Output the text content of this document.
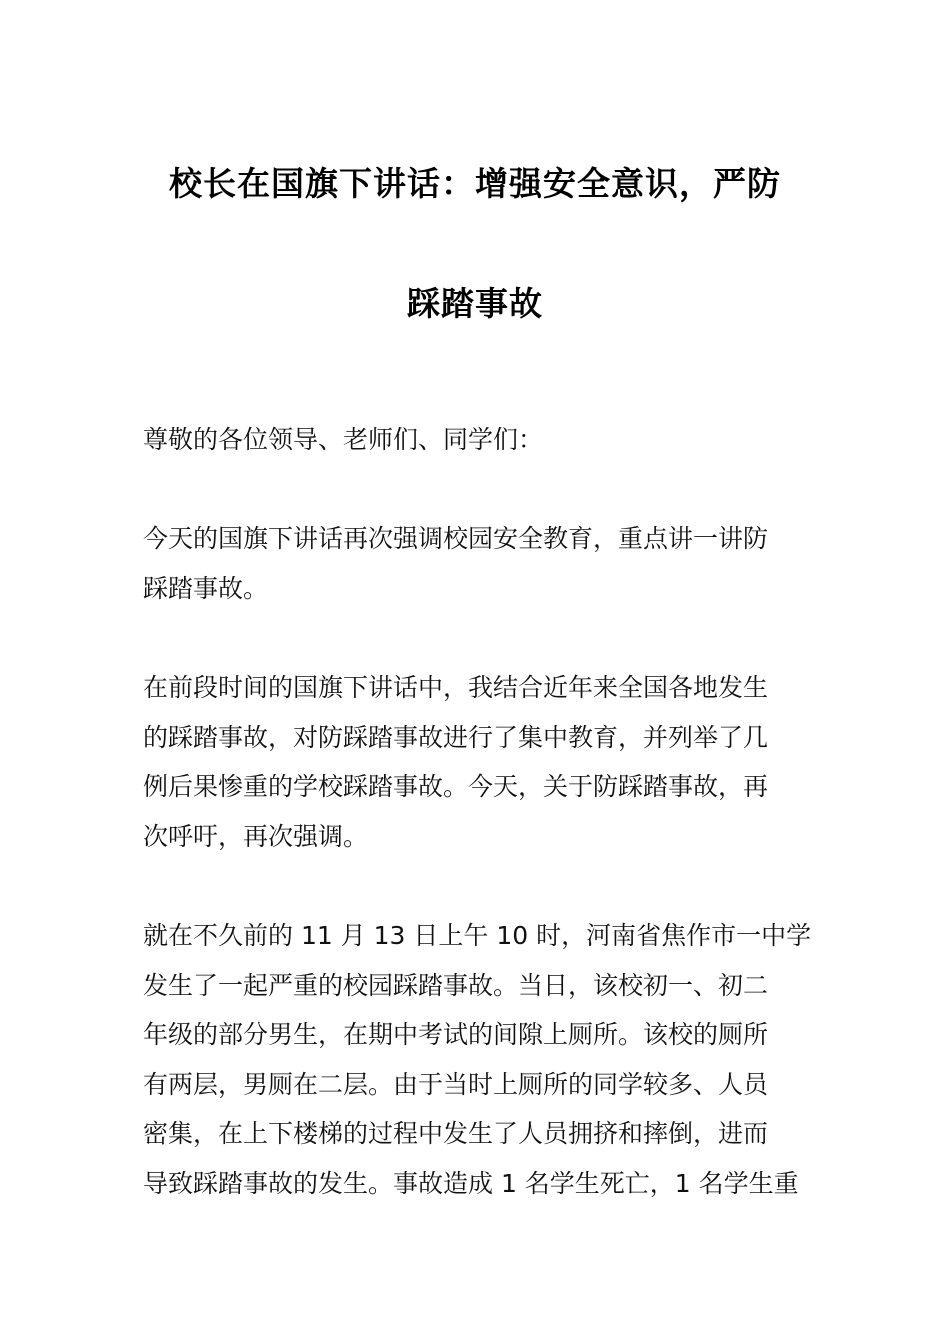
校长在国旗下讲话：增强安全意识，严防
踩踏事故
尊敬的各位领导、老师们、同学们：
今天的国旗下讲话再次强调校园安全教育，重点讲一讲防
踩踏事故。
在前段时间的国旗下讲话中，我结合近年来全国各地发生
的踩踏事故，对防踩踏事故进行了集中教育，并列举了几
例后果惨重的学校踩踏事故。今天，关于防踩踏事故，再
次呼吁，再次强调。
就在不久前的 11 月 13 日上午 10 时，河南省焦作市一中学
发生了一起严重的校园踩踏事故。当日，该校初一、初二
年级的部分男生，在期中考试的间隙上厕所。该校的厕所
有两层，男厕在二层。由于当时上厕所的同学较多、人员
密集，在上下楼梯的过程中发生了人员拥挤和摔倒，进而
导致踩踏事故的发生。事故造成 1 名学生死亡，1 名学生重
